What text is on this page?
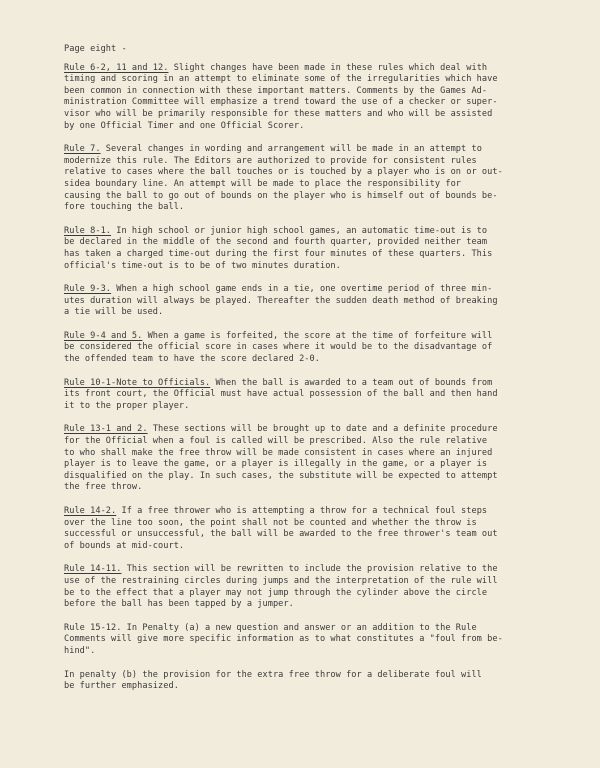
Page eight -
Rule 6-2, 11 and 12. Slight changes have been made in these rules which deal with
timing and scoring in an attempt to eliminate some of the irregularities which have
been common in connection with these important matters. Comments by the Games Ad-
ministration Committee will emphasize a trend toward the use of a checker or super-
visor who will be primarily responsible for these matters and who will be assisted
by one Official Timer and one Official Scorer.
Rule 7. Several changes in wording and arrangement will be made in an attempt to
modernize this rule. The Editors are authorized to provide for consistent rules
relative to cases where the ball touches or is touched by a player who is on or out-
sidea boundary line. An attempt will be made to place the responsibility for
causing the ball to go out of bounds on the player who is himself out of bounds be-
fore touching the ball.
Rule 8-1. In high school or junior high school games, an automatic time-out is to
be declared in the middle of the second and fourth quarter, provided neither team
has taken a charged time-out during the first four minutes of these quarters. This
official's time-out is to be of two minutes duration.
Rule 9-3. When a high school game ends in a tie, one overtime period of three min-
utes duration will always be played. Thereafter the sudden death method of breaking
a tie will be used.
Rule 9-4 and 5. When a game is forfeited, the score at the time of forfeiture will
be considered the official score in cases where it would be to the disadvantage of
the offended team to have the score declared 2-0.
Rule 10-1-Note to Officials. When the ball is awarded to a team out of bounds from
its front court, the Official must have actual possession of the ball and then hand
it to the proper player.
Rule 13-1 and 2. These sections will be brought up to date and a definite procedure
for the Official when a foul is called will be prescribed. Also the rule relative
to who shall make the free throw will be made consistent in cases where an injured
player is to leave the game, or a player is illegally in the game, or a player is
disqualified on the play. In such cases, the substitute will be expected to attempt
the free throw.
Rule 14-2. If a free thrower who is attempting a throw for a technical foul steps
over the line too soon, the point shall not be counted and whether the throw is
successful or unsuccessful, the ball will be awarded to the free thrower's team out
of bounds at mid-court.
Rule 14-11. This section will be rewritten to include the provision relative to the
use of the restraining circles during jumps and the interpretation of the rule will
be to the effect that a player may not jump through the cylinder above the circle
before the ball has been tapped by a jumper.
Rule 15-12. In Penalty (a) a new question and answer or an addition to the Rule
Comments will give more specific information as to what constitutes a "foul from be-
hind".
In penalty (b) the provision for the extra free throw for a deliberate foul will
be further emphasized.
